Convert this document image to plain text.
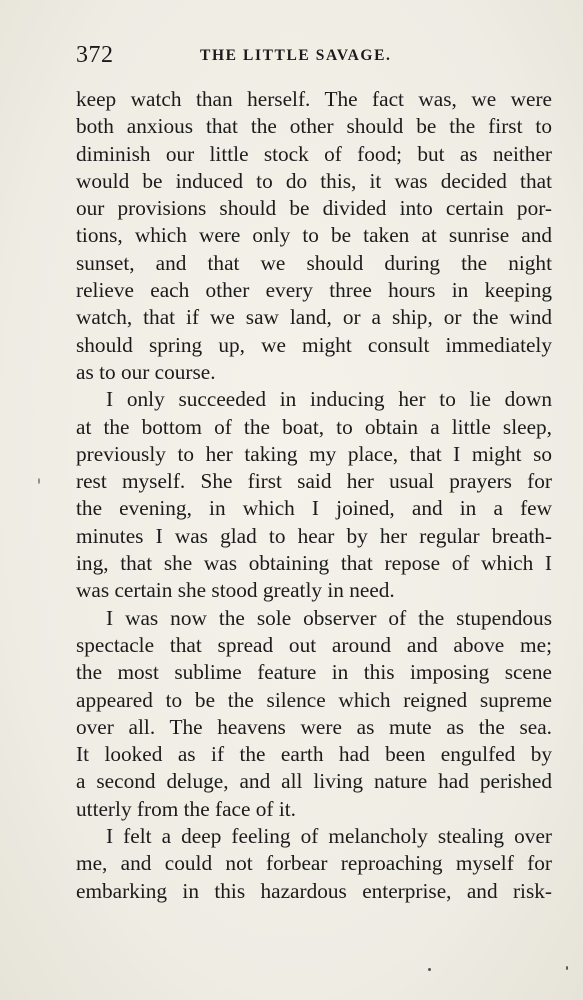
372	THE LITTLE SAVAGE.
keep watch than herself. The fact was, we were
both anxious that the other should be the first to
diminish our little stock of food; but as neither
would be induced to do this, it was decided that
our provisions should be divided into certain por-
tions, which were only to be taken at sunrise and
sunset, and that we should during the night
relieve each other every three hours in keeping
watch, that if we saw land, or a ship, or the wind
should spring up, we might consult immediately
as to our course.
I only succeeded in inducing her to lie down
at the bottom of the boat, to obtain a little sleep,
previously to her taking my place, that I might so
rest myself. She first said her usual prayers for
the evening, in which I joined, and in a few
minutes I was glad to hear by her regular breath-
ing, that she was obtaining that repose of which I
was certain she stood greatly in need.
I was now the sole observer of the stupendous
spectacle that spread out around and above me;
the most sublime feature in this imposing scene
appeared to be the silence which reigned supreme
over all. The heavens were as mute as the sea.
It looked as if the earth had been engulfed by
a second deluge, and all living nature had perished
utterly from the face of it.
I felt a deep feeling of melancholy stealing over
me, and could not forbear reproaching myself for
embarking in this hazardous enterprise, and risk-
